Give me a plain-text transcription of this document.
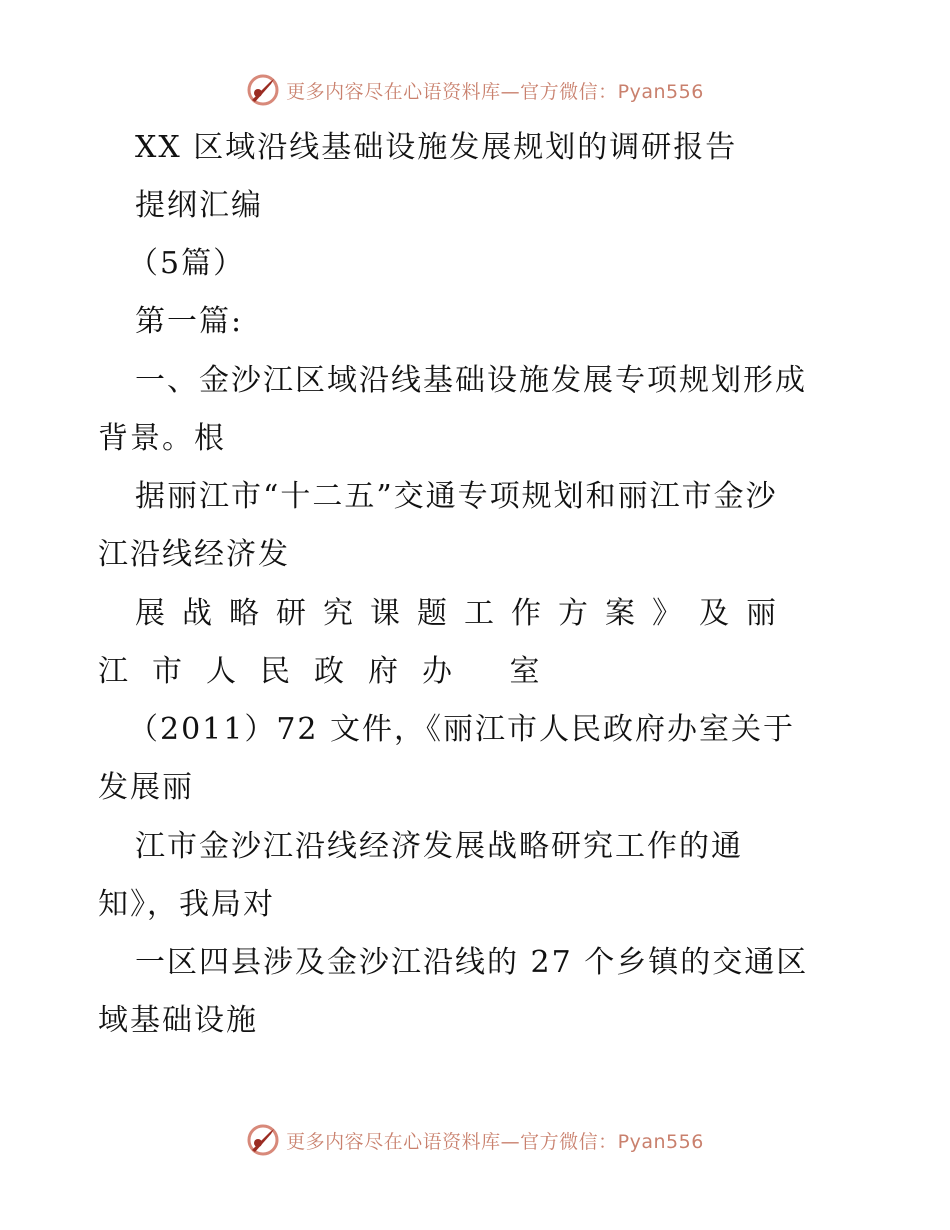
更多内容尽在心语资料库—官方微信：Pyan556
XX 区域沿线基础设施发展规划的调研报告
提纲汇编
（5篇）
第一篇:
一、金沙江区域沿线基础设施发展专项规划形成
背景。根
据丽江市“十二五”交通专项规划和丽江市金沙
江沿线经济发
展战略研究课题工作方案》及丽
江市人民政府办 室
（2011）72 文件，《丽江市人民政府办室关于
发展丽
江市金沙江沿线经济发展战略研究工作的通
知》，我局对
一区四县涉及金沙江沿线的 27 个乡镇的交通区
域基础设施
更多内容尽在心语资料库—官方微信：Pyan556
